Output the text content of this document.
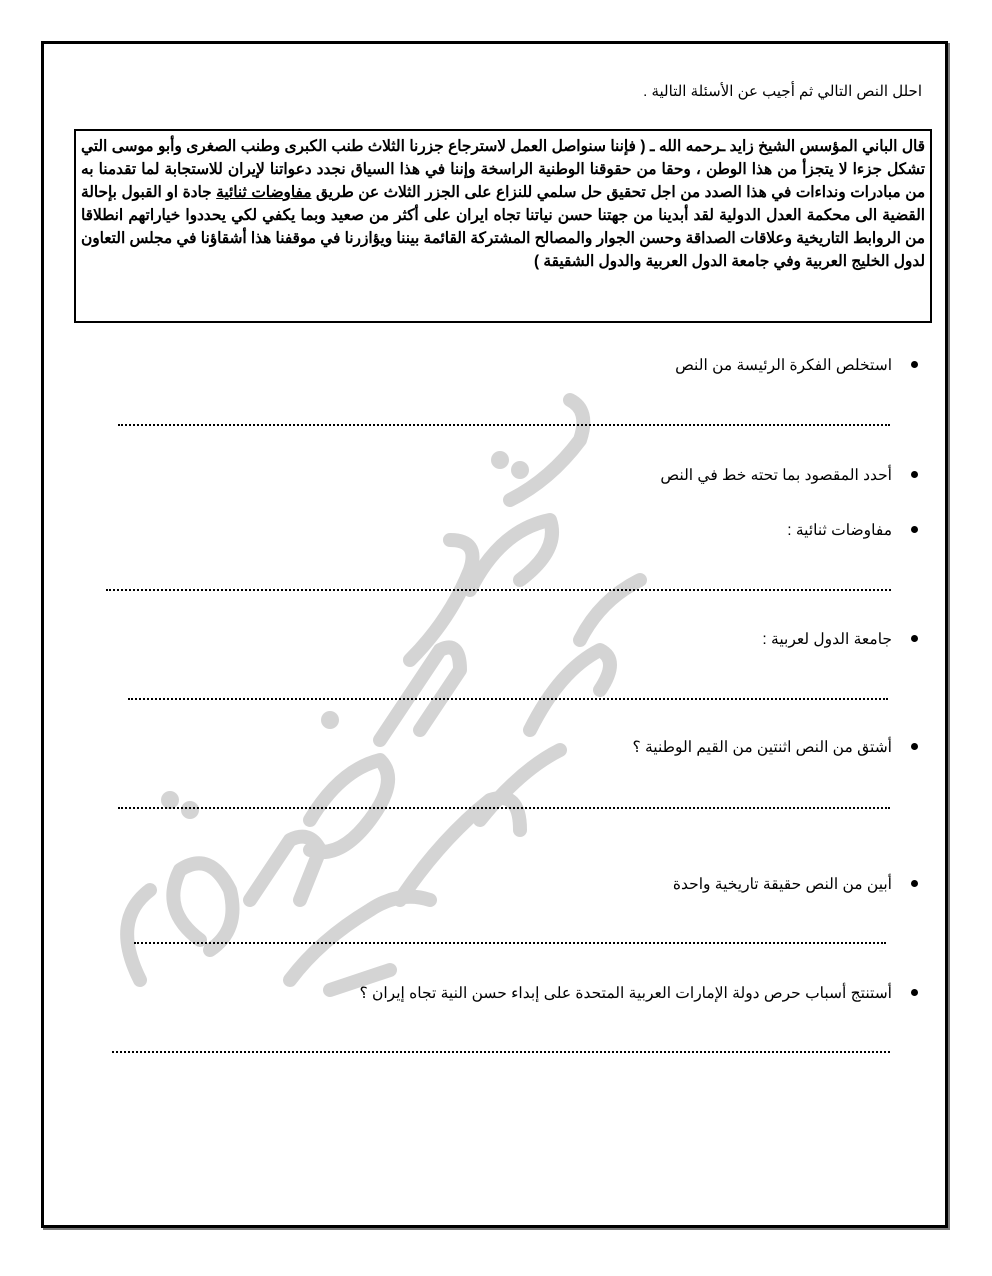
احلل النص التالي ثم أجيب عن الأسئلة التالية .
قال الباني المؤسس الشيخ زايد ـرحمه الله ـ ( فإننا سنواصل العمل لاسترجاع جزرنا الثلاث طنب الكبرى وطنب الصغرى وأبو موسى التي تشكل جزءا لا يتجزأ من هذا الوطن ، وحقا من حقوقنا الوطنية الراسخة وإننا في هذا السياق نجدد دعواتنا لإيران للاستجابة لما تقدمنا به من مبادرات ونداءات في هذا الصدد من اجل تحقيق حل سلمي للنزاع على الجزر الثلاث عن طريق مفاوضات ثنائية جادة او القبول بإحالة القضية الى محكمة العدل الدولية لقد أبدينا من جهتنا حسن نياتنا تجاه ايران على أكثر من صعيد وبما يكفي لكي يحددوا خياراتهم انطلاقا من الروابط التاريخية وعلاقات الصداقة وحسن الجوار والمصالح المشتركة القائمة بيننا ويؤازرنا في موقفنا هذا أشقاؤنا في مجلس التعاون لدول الخليج العربية وفي جامعة الدول العربية والدول الشقيقة )
استخلص الفكرة الرئيسة من النص
أحدد المقصود بما تحته خط في النص
مفاوضات ثنائية :
جامعة الدول لعربية :
أشتق من النص اثنتين من القيم الوطنية ؟
أبين من النص حقيقة تاريخية واحدة
أستنتج أسباب حرص دولة الإمارات العربية المتحدة على إبداء حسن النية تجاه إيران ؟
